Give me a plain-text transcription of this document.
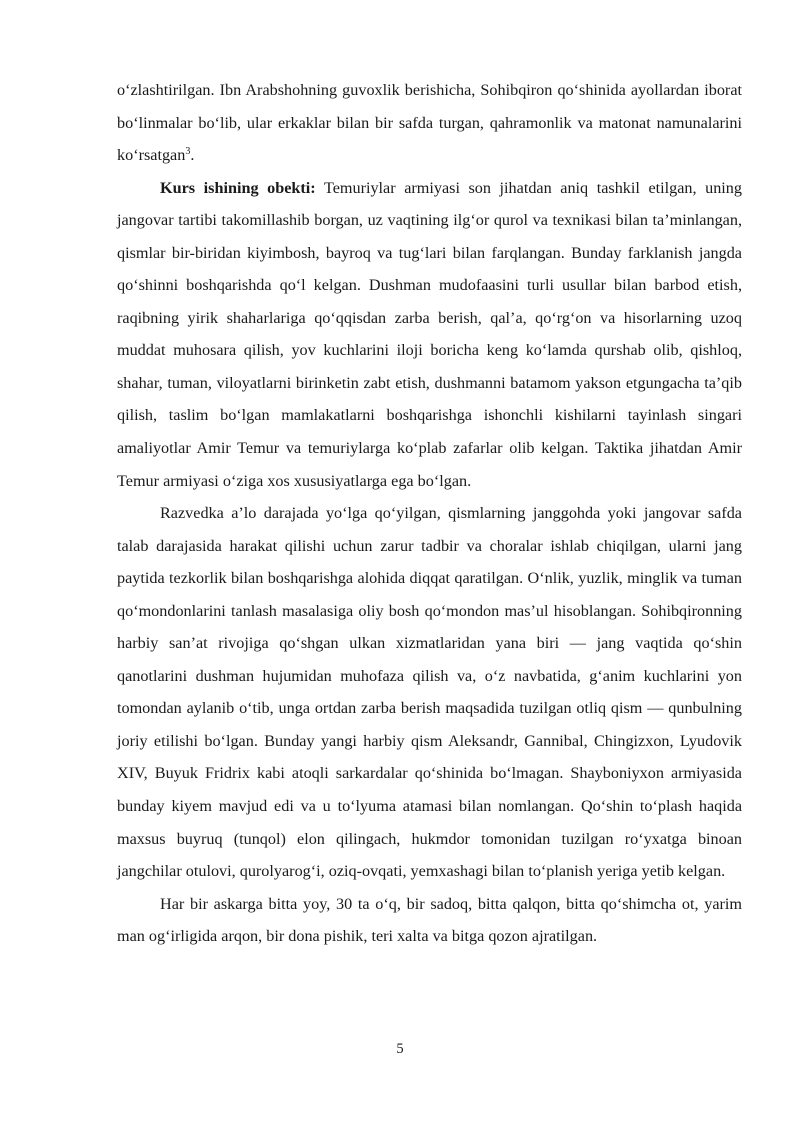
o‘zlashtirilgan. Ibn Arabshohning guvoxlik berishicha, Sohibqiron qo‘shinida ayollardan iborat bo‘linmalar bo‘lib, ular erkaklar bilan bir safda turgan, qahramonlik va matonat namunalarini ko‘rsatgan$^3$.

Kurs ishining obekti: Temuriylar armiyasi son jihatdan aniq tashkil etilgan, uning jangovar tartibi takomillashib borgan, uz vaqtining ilg‘or qurol va texnikasi bilan ta’minlangan, qismlar bir-biridan kiyimbosh, bayroq va tug‘lari bilan farqlangan. Bunday farklanish jangda qo‘shinni boshqarishda qo‘l kelgan. Dushman mudofaasini turli usullar bilan barbod etish, raqibning yirik shaharlariga qo‘qqisdan zarba berish, qal’a, qo‘rg‘on va hisorlarning uzoq muddat muhosara qilish, yov kuchlarini iloji boricha keng ko‘lamda qurshab olib, qishloq, shahar, tuman, viloyatlarni birinketin zabt etish, dushmanni batamom yakson etgungacha ta’qib qilish, taslim bo‘lgan mamlakatlarni boshqarishga ishonchli kishilarni tayinlash singari amaliyotlar Amir Temur va temuriylarga ko‘plab zafarlar olib kelgan. Taktika jihatdan Amir Temur armiyasi o‘ziga xos xususiyatlarga ega bo‘lgan.

Razvedka a’lo darajada yo‘lga qo‘yilgan, qismlarning janggohda yoki jangovar safda talab darajasida harakat qilishi uchun zarur tadbir va choralar ishlab chiqilgan, ularni jang paytida tezkorlik bilan boshqarishga alohida diqqat qaratilgan. O‘nlik, yuzlik, minglik va tuman qo‘mondonlarini tanlash masalasiga oliy bosh qo‘mondon mas’ul hisoblangan. Sohibqironning harbiy san’at rivojiga qo‘shgan ulkan xizmatlaridan yana biri — jang vaqtida qo‘shin qanotlarini dushman hujumidan muhofaza qilish va, o‘z navbatida, g‘anim kuchlarini yon tomondan aylanib o‘tib, unga ortdan zarba berish maqsadida tuzilgan otliq qism — qunbulning joriy etilishi bo‘lgan. Bunday yangi harbiy qism Aleksandr, Gannibal, Chingizxon, Lyudovik XIV, Buyuk Fridrix kabi atoqli sarkardalar qo‘shinida bo‘lmagan. Shayboniyxon armiyasida bunday kiyem mavjud edi va u to‘lyuma atamasi bilan nomlangan. Qo‘shin to‘plash haqida maxsus buyruq (tunqol) elon qilingach, hukmdor tomonidan tuzilgan ro‘yxatga binoan jangchilar otulovi, qurolyarog‘i, oziq-ovqati, yemxashagi bilan to‘planish yeriga yetib kelgan.

Har bir askarga bitta yoy, 30 ta o‘q, bir sadoq, bitta qalqon, bitta qo‘shimcha ot, yarim man og‘irligida arqon, bir dona pishik, teri xalta va bitga qozon ajratilgan.

5
